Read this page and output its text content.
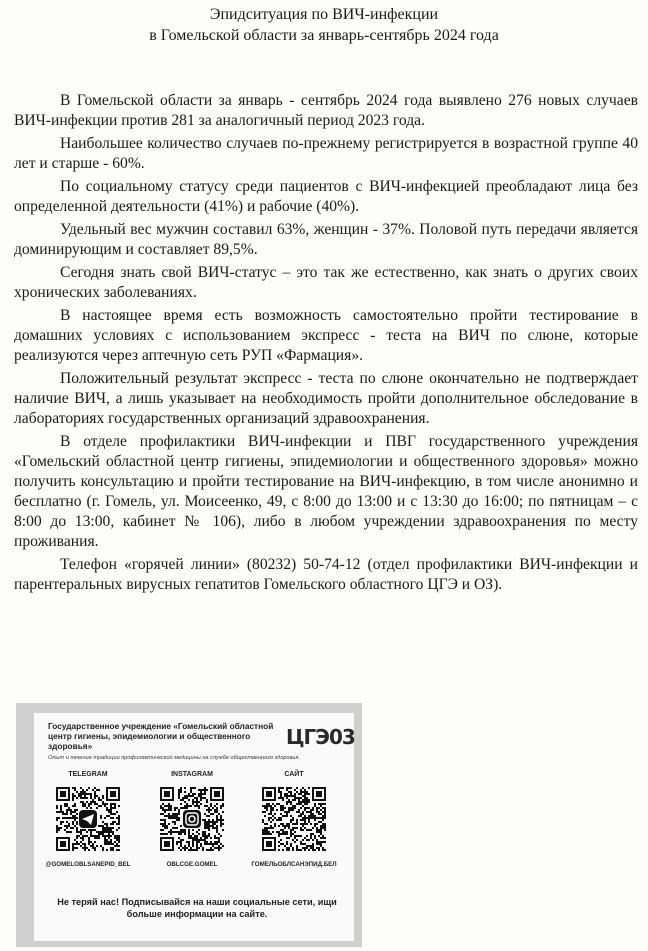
Эпидситуация по ВИЧ-инфекции
в Гомельской области за январь-сентябрь 2024 года

В Гомельской области за январь - сентябрь 2024 года выявлено 276 новых случаев ВИЧ-инфекции против 281 за аналогичный период 2023 года.

Наибольшее количество случаев по-прежнему регистрируется в возрастной группе 40 лет и старше - 60%.

По социальному статусу среди пациентов с ВИЧ-инфекцией преобладают лица без определенной деятельности (41%) и рабочие (40%).

Удельный вес мужчин составил 63%, женщин - 37%. Половой путь передачи является доминирующим и составляет 89,5%.

Сегодня знать свой ВИЧ-статус – это так же естественно, как знать о других своих хронических заболеваниях.

В настоящее время есть возможность самостоятельно пройти тестирование в домашних условиях с использованием экспресс - теста на ВИЧ по слюне, которые реализуются через аптечную сеть РУП «Фармация».

Положительный результат экспресс - теста по слюне окончательно не подтверждает наличие ВИЧ, а лишь указывает на необходимость пройти дополнительное обследование в лабораториях государственных организаций здравоохранения.

В отделе профилактики ВИЧ-инфекции и ПВГ государственного учреждения «Гомельский областной центр гигиены, эпидемиологии и общественного здоровья» можно получить консультацию и пройти тестирование на ВИЧ-инфекцию, в том числе анонимно и бесплатно (г. Гомель, ул. Моисеенко, 49, с 8:00 до 13:00 и с 13:30 до 16:00; по пятницам – с 8:00 до 13:00, кабинет № 106), либо в любом учреждении здравоохранения по месту проживания.

Телефон «горячей линии» (80232) 50-74-12 (отдел профилактики ВИЧ-инфекции и парентеральных вирусных гепатитов Гомельского областного ЦГЭ и ОЗ).

Государственное учреждение «Гомельский областной центр гигиены, эпидемиологии и общественного здоровья»	ЦГЭ03
Опыт и лечение традиции профилактической медицины на службе общественного здоровья.
TELEGRAM
@GOMELOBLSANEPID_BEL
INSTAGRAM
OBLCGE.GOMEL
САЙТ
ГОМЕЛЬОБЛСАНЭПИД.БЕЛ
Не теряй нас! Подписывайся на наши социальные сети, ищи больше информации на сайте.
